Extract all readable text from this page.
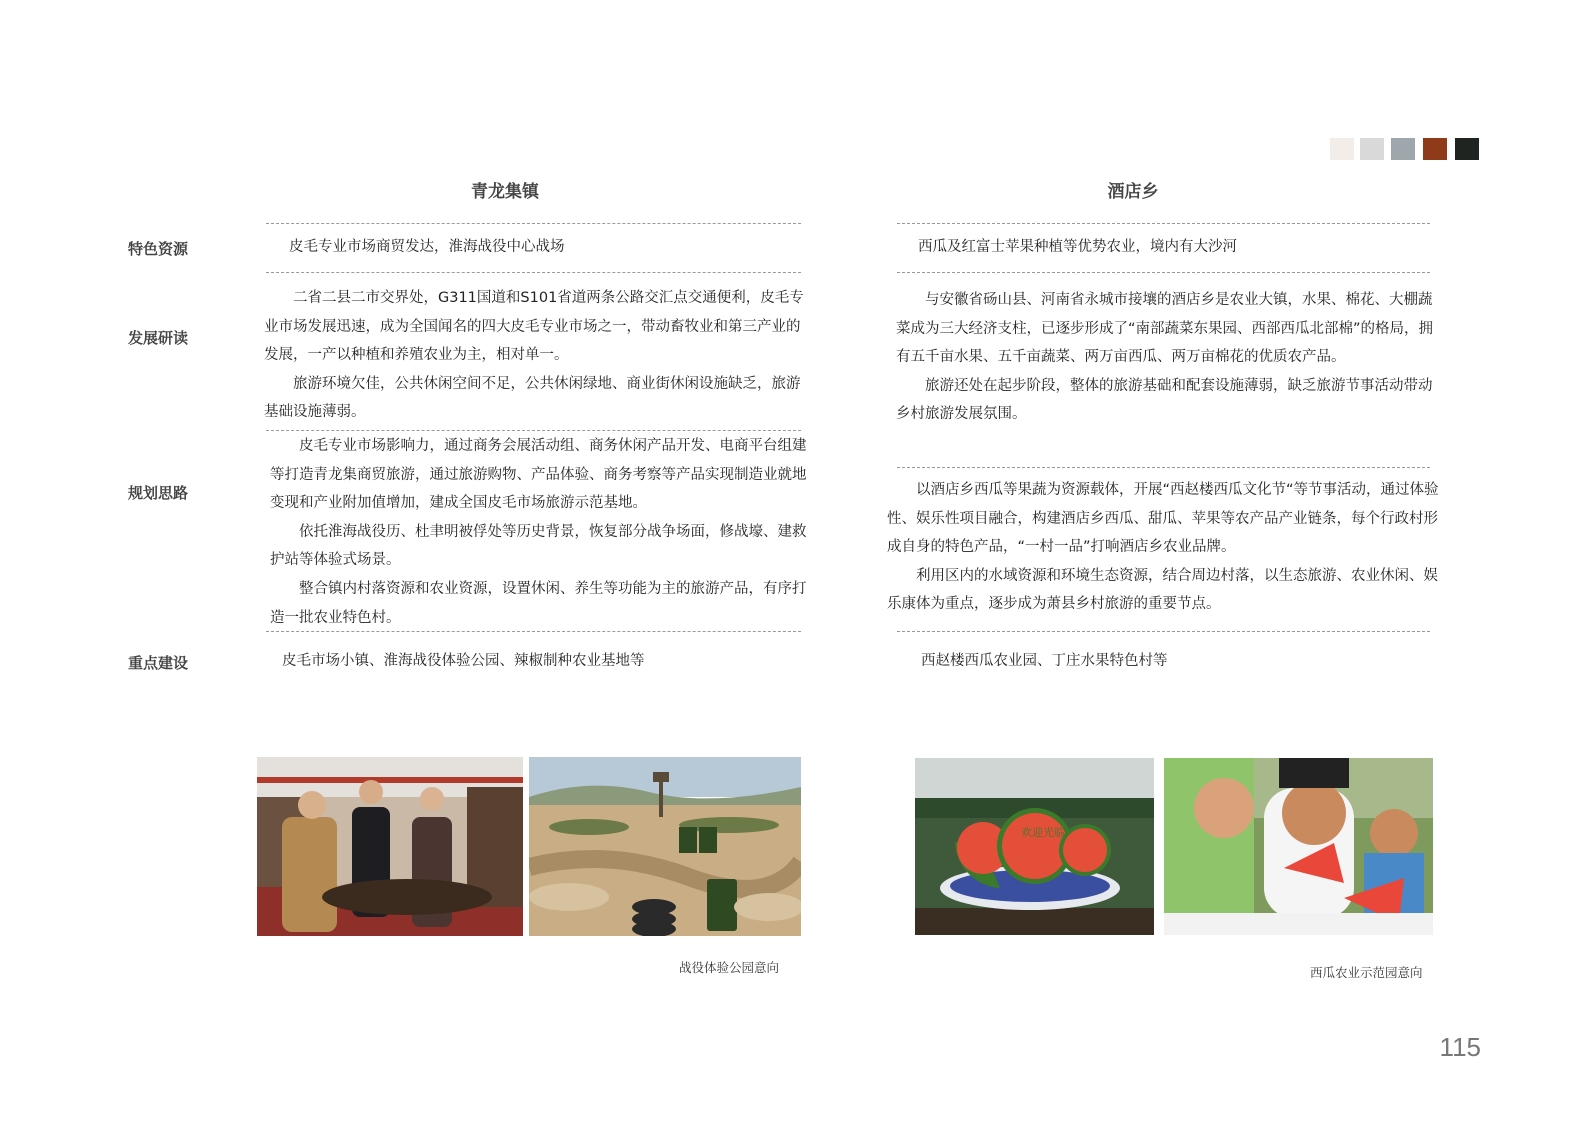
青龙集镇	酒店乡
特色资源
发展研读
规划思路
重点建设
皮毛专业市场商贸发达，淮海战役中心战场

二省二县二市交界处，G311国道和S101省道两条公路交汇点交通便利，皮毛专业市场发展迅速，成为全国闻名的四大皮毛专业市场之一，带动畜牧业和第三产业的发展，一产以种植和养殖农业为主，相对单一。

旅游环境欠佳，公共休闲空间不足，公共休闲绿地、商业街休闲设施缺乏，旅游基础设施薄弱。

皮毛专业市场影响力，通过商务会展活动组、商务休闲产品开发、电商平台组建等打造青龙集商贸旅游，通过旅游购物、产品体验、商务考察等产品实现制造业就地变现和产业附加值增加，建成全国皮毛市场旅游示范基地。

依托淮海战役历、杜聿明被俘处等历史背景，恢复部分战争场面，修战壕、建救护站等体验式场景。

整合镇内村落资源和农业资源，设置休闲、养生等功能为主的旅游产品，有序打造一批农业特色村。

皮毛市场小镇、淮海战役体验公园、辣椒制种农业基地等
西瓜及红富士苹果种植等优势农业，境内有大沙河

与安徽省砀山县、河南省永城市接壤的酒店乡是农业大镇，水果、棉花、大棚蔬菜成为三大经济支柱，已逐步形成了“南部蔬菜东果园、西部西瓜北部棉”的格局，拥有五千亩水果、五千亩蔬菜、两万亩西瓜、两万亩棉花的优质农产品。

旅游还处在起步阶段，整体的旅游基础和配套设施薄弱，缺乏旅游节事活动带动乡村旅游发展氛围。

以酒店乡西瓜等果蔬为资源载体，开展“西赵楼西瓜文化节“等节事活动，通过体验性、娱乐性项目融合，构建酒店乡西瓜、甜瓜、苹果等农产品产业链条，每个行政村形成自身的特色产品，“一村一品”打响酒店乡农业品牌。

利用区内的水域资源和环境生态资源，结合周边村落，以生态旅游、农业休闲、娱乐康体为重点，逐步成为萧县乡村旅游的重要节点。

西赵楼西瓜农业园、丁庄水果特色村等
欢迎光临
战役体验公园意向	西瓜农业示范园意向
115
